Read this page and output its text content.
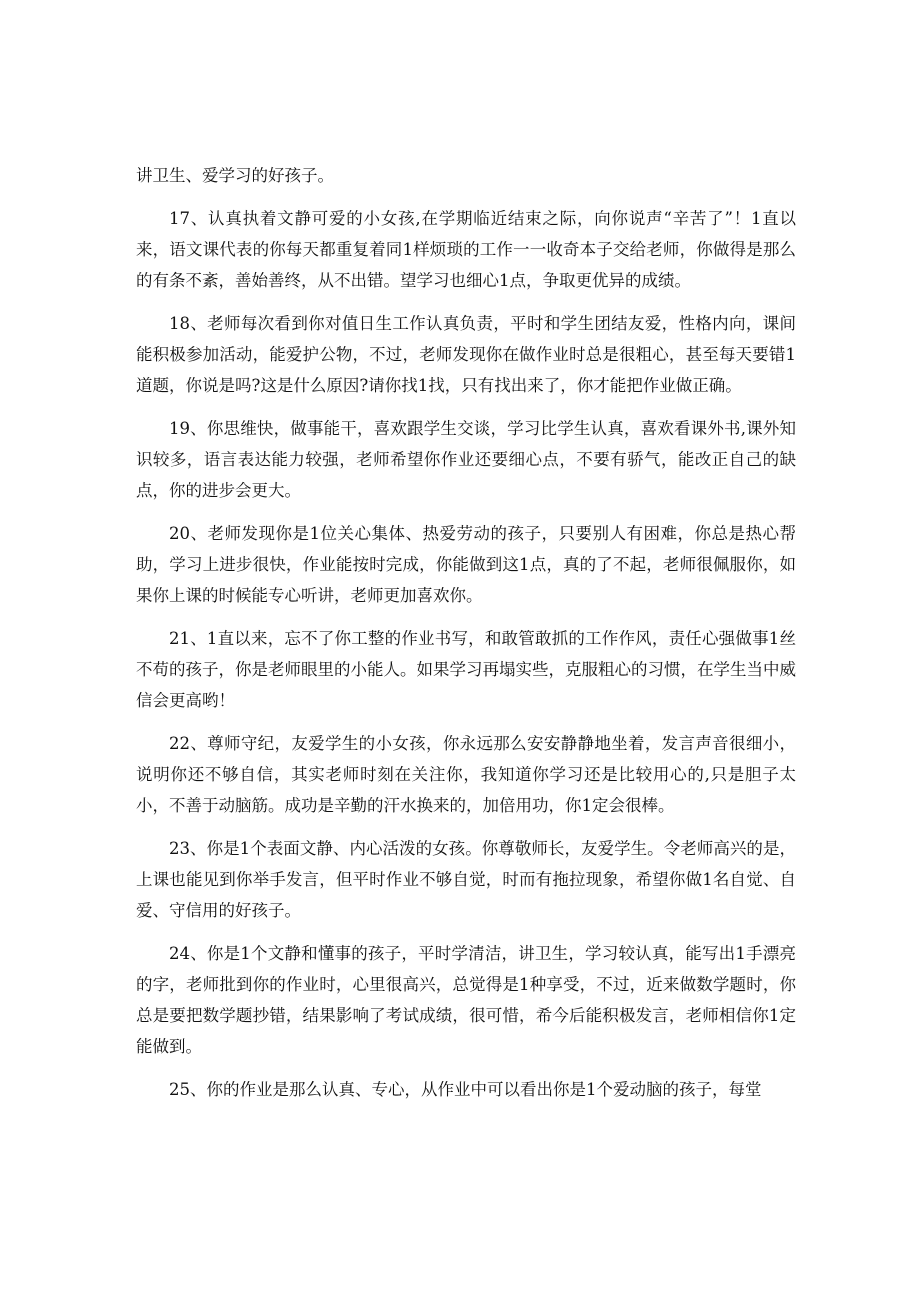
讲卫生、爱学习的好孩子。

17、认真执着文静可爱的小女孩,在学期临近结束之际，向你说声“辛苦了”！1直以来，语文课代表的你每天都重复着同1样烦琐的工作一一收奇本子交给老师，你做得是那么的有条不紊，善始善终，从不出错。望学习也细心1点，争取更优异的成绩。

18、老师每次看到你对值日生工作认真负责，平时和学生团结友爱，性格内向，课间能积极参加活动，能爱护公物，不过，老师发现你在做作业时总是很粗心，甚至每天要错1道题，你说是吗?这是什么原因?请你找1找，只有找出来了，你才能把作业做正确。

19、你思维快，做事能干，喜欢跟学生交谈，学习比学生认真，喜欢看课外书,课外知识较多，语言表达能力较强，老师希望你作业还要细心点，不要有骄气，能改正自己的缺点，你的进步会更大。

20、老师发现你是1位关心集体、热爱劳动的孩子，只要别人有困难，你总是热心帮助，学习上进步很快，作业能按时完成，你能做到这1点，真的了不起，老师很佩服你，如果你上课的时候能专心听讲，老师更加喜欢你。

21、1直以来，忘不了你工整的作业书写，和敢管敢抓的工作作风，责任心强做事1丝不苟的孩子，你是老师眼里的小能人。如果学习再塌实些，克服粗心的习惯，在学生当中威信会更高哟！

22、尊师守纪，友爱学生的小女孩，你永远那么安安静静地坐着，发言声音很细小，说明你还不够自信，其实老师时刻在关注你，我知道你学习还是比较用心的,只是胆子太小，不善于动脑筋。成功是辛勤的汗水换来的，加倍用功，你1定会很棒。

23、你是1个表面文静、内心活泼的女孩。你尊敬师长，友爱学生。令老师高兴的是，上课也能见到你举手发言，但平时作业不够自觉，时而有拖拉现象，希望你做1名自觉、自爱、守信用的好孩子。

24、你是1个文静和懂事的孩子，平时学清洁，讲卫生，学习较认真，能写出1手漂亮的字，老师批到你的作业时，心里很高兴，总觉得是1种享受，不过，近来做数学题时，你总是要把数学题抄错，结果影响了考试成绩，很可惜，希今后能积极发言，老师相信你1定能做到。

25、你的作业是那么认真、专心，从作业中可以看出你是1个爱动脑的孩子，每堂
